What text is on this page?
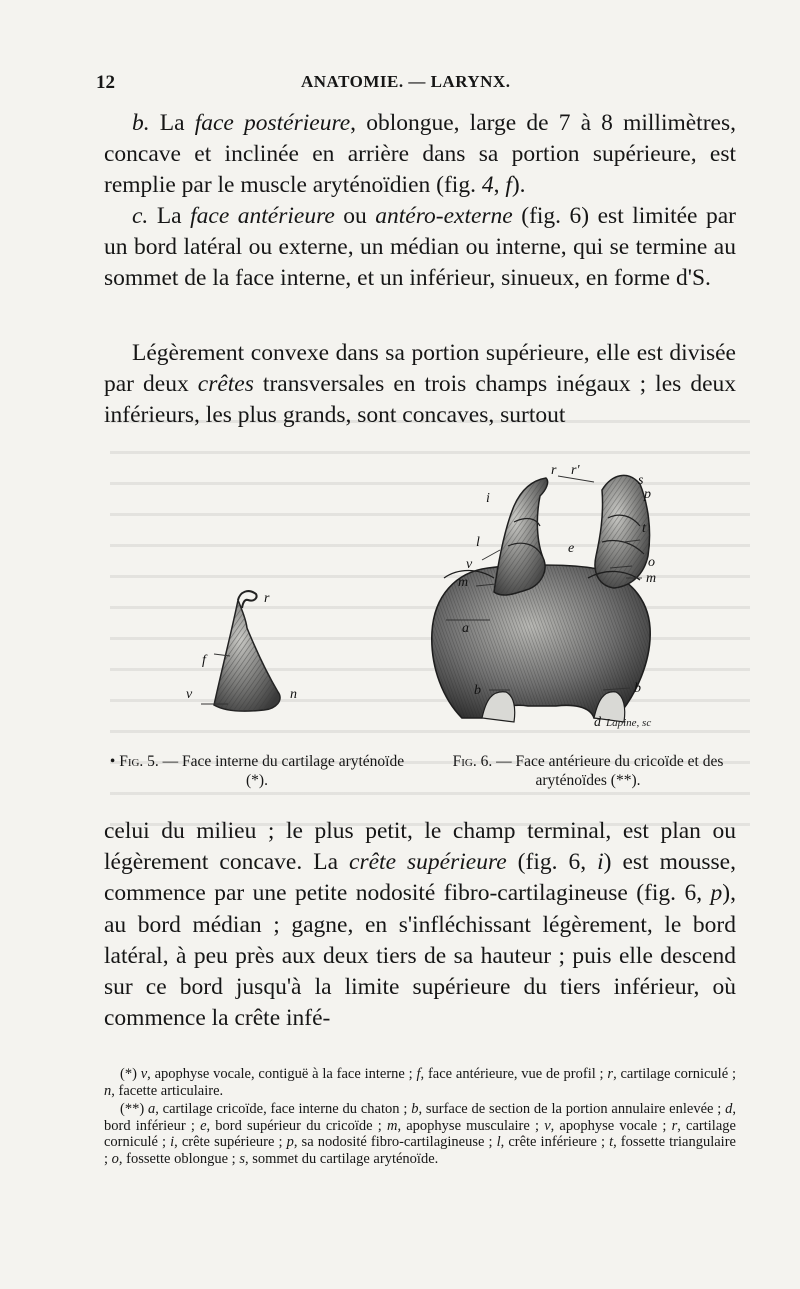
12	ANATOMIE. — LARYNX.

b. La face postérieure, oblongue, large de 7 à 8 millimètres, concave et inclinée en arrière dans sa portion supérieure, est remplie par le muscle aryténoïdien (fig. 4, f).

c. La face antérieure ou antéro-externe (fig. 6) est limitée par un bord latéral ou externe, un médian ou interne, qui se termine au sommet de la face interne, et un inférieur, sinueux, en forme d'S.

Légèrement convexe dans sa portion supérieure, elle est divisée par deux crêtes transversales en trois champs inégaux ; les deux inférieurs, les plus grands, sont concaves, surtout

r
f
v	n
r r'
s
p
i
t
l	e
v	o
m	m
a
b	b
d Lapine, sc
• Fig. 5. — Face interne du cartilage aryténoïde (*).
Fig. 6. — Face antérieure du cricoïde et des aryténoïdes (**).

celui du milieu ; le plus petit, le champ terminal, est plan ou légèrement concave. La crête supérieure (fig. 6, i) est mousse, commence par une petite nodosité fibro-cartilagineuse (fig. 6, p), au bord médian ; gagne, en s'infléchissant légèrement, le bord latéral, à peu près aux deux tiers de sa hauteur ; puis elle descend sur ce bord jusqu'à la limite supérieure du tiers inférieur, où commence la crête infé-

(*) v, apophyse vocale, contiguë à la face interne ; f, face antérieure, vue de profil ; r, cartilage corniculé ; n, facette articulaire.

(**) a, cartilage cricoïde, face interne du chaton ; b, surface de section de la portion annulaire enlevée ; d, bord inférieur ; e, bord supérieur du cricoïde ; m, apophyse musculaire ; v, apophyse vocale ; r, cartilage corniculé ; i, crête supérieure ; p, sa nodosité fibro-cartilagineuse ; l, crête inférieure ; t, fossette triangulaire ; o, fossette oblongue ; s, sommet du cartilage aryténoïde.
